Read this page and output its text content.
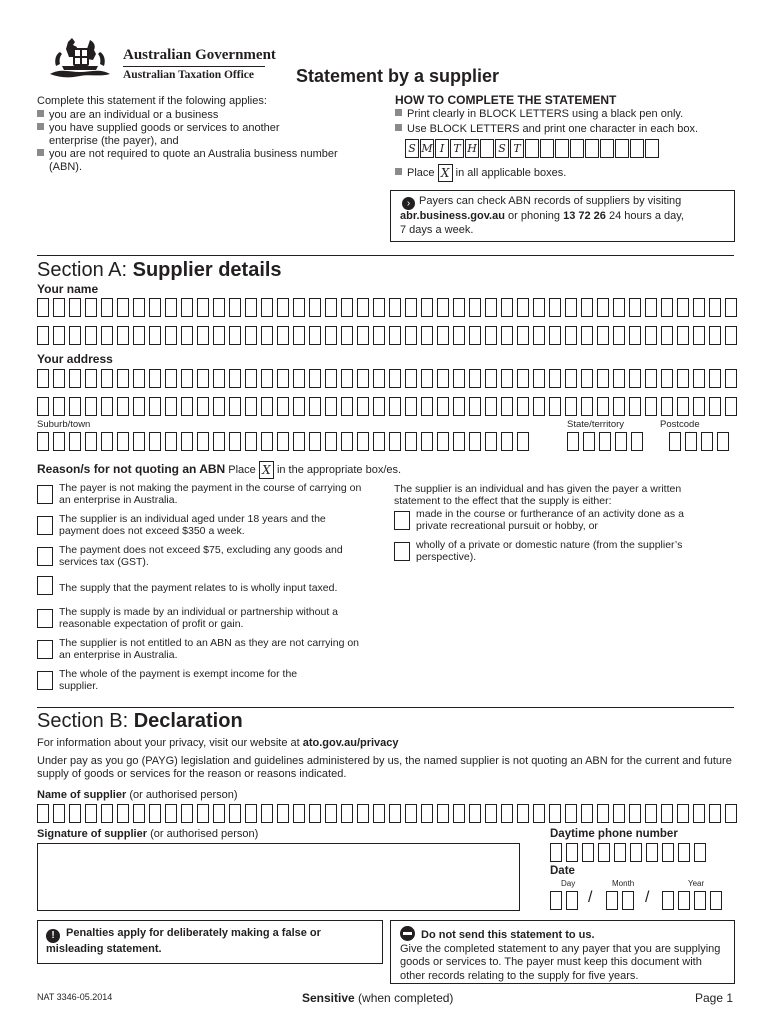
Australian Government
Australian Taxation Office Statement by a supplier
Complete this statement if the folowing applies:
you are an individual or a business
you have supplied goods or services to another enterprise (the payer), and
you are not required to quote an Australia business number (ABN).
HOW TO COMPLETE THE STATEMENT
Print clearly in BLOCK LETTERS using a black pen only.
Use BLOCK LETTERS and print one character in each box.
S M I T H S T
Place X in all applicable boxes.
› Payers can check ABN records of suppliers by visiting
abr.business.gov.au or phoning 13 72 26 24 hours a day,
7 days a week.
Section A: Supplier details
Your name
Your address
Suburb/town	State/territory	Postcode
Reason/s for not quoting an ABN Place X in the appropriate box/es.
The payer is not making the payment in the course of carrying on an enterprise in Australia.
The supplier is an individual aged under 18 years and the payment does not exceed $350 a week.
The payment does not exceed $75, excluding any goods and services tax (GST).
The supply that the payment relates to is wholly input taxed.
The supply is made by an individual or partnership without a reasonable expectation of profit or gain.
The supplier is not entitled to an ABN as they are not carrying on an enterprise in Australia.
The whole of the payment is exempt income for the supplier.
The supplier is an individual and has given the payer a written statement to the effect that the supply is either:
made in the course or furtherance of an activity done as a private recreational pursuit or hobby, or
wholly of a private or domestic nature (from the supplier’s perspective).
Section B: Declaration
For information about your privacy, visit our website at ato.gov.au/privacy
Under pay as you go (PAYG) legislation and guidelines administered by us, the named supplier is not quoting an ABN for the current and future supply of goods or services for the reason or reasons indicated.
Name of supplier (or authorised person)
Signature of supplier (or authorised person)	Daytime phone number
Date
Day	Month	Year
/	/
! Penalties apply for deliberately making a false or misleading statement.
Do not send this statement to us.
Give the completed statement to any payer that you are supplying goods or services to. The payer must keep this document with other records relating to the supply for five years.
NAT 3346-05.2014	Sensitive (when completed)	Page 1
